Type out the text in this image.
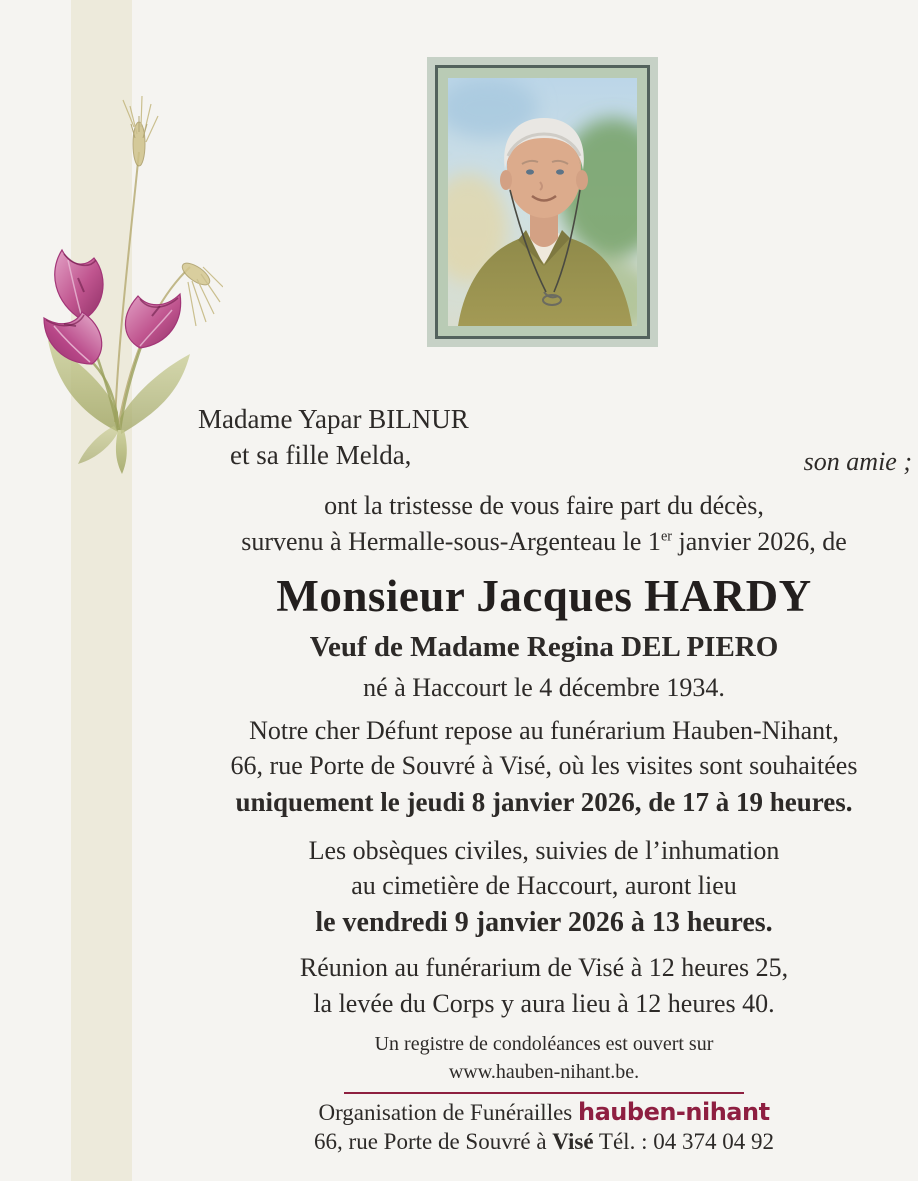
Madame Yapar BILNUR
et sa fille Melda,	son amie ;
ont la tristesse de vous faire part du décès,
survenu à Hermalle-sous-Argenteau le 1er janvier 2026, de
Monsieur Jacques HARDY
Veuf de Madame Regina DEL PIERO
né à Haccourt le 4 décembre 1934.
Notre cher Défunt repose au funérarium Hauben-Nihant,
66, rue Porte de Souvré à Visé, où les visites sont souhaitées
uniquement le jeudi 8 janvier 2026, de 17 à 19 heures.
Les obsèques civiles, suivies de l’inhumation
au cimetière de Haccourt, auront lieu
le vendredi 9 janvier 2026 à 13 heures.
Réunion au funérarium de Visé à 12 heures 25,
la levée du Corps y aura lieu à 12 heures 40.
Un registre de condoléances est ouvert sur
www.hauben-nihant.be.
Organisation de Funérailles hauben-nihant
66, rue Porte de Souvré à Visé Tél. : 04 374 04 92
